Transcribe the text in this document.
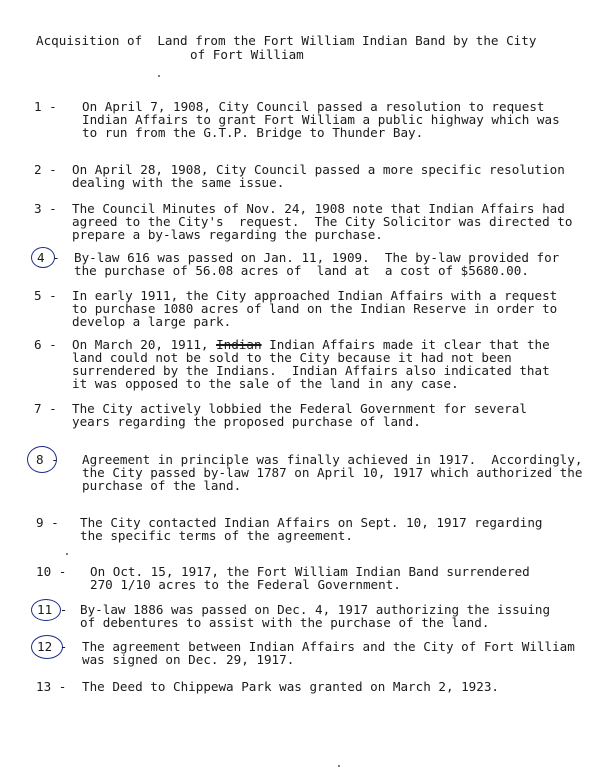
Acquisition of  Land from the Fort William Indian Band by the City
of Fort William
1 - On April 7, 1908, City Council passed a resolution to request
Indian Affairs to grant Fort William a public highway which was
to run from the G.T.P. Bridge to Thunder Bay.
2 - On April 28, 1908, City Council passed a more specific resolution
dealing with the same issue.
3 - The Council Minutes of Nov. 24, 1908 note that Indian Affairs had
agreed to the City's  request.  The City Solicitor was directed to
prepare a by-laws regarding the purchase.
4 - By-law 616 was passed on Jan. 11, 1909.  The by-law provided for
the purchase of 56.08 acres of  land at  a cost of $5680.00.
5 - In early 1911, the City approached Indian Affairs with a request
to purchase 1080 acres of land on the Indian Reserve in order to
develop a large park.
6 - On March 20, 1911, Indian Indian Affairs made it clear that the
land could not be sold to the City because it had not been
surrendered by the Indians.  Indian Affairs also indicated that
it was opposed to the sale of the land in any case.
7 - The City actively lobbied the Federal Government for several
years regarding the proposed purchase of land.
8 - Agreement in principle was finally achieved in 1917.  Accordingly,
the City passed by-law 1787 on April 10, 1917 which authorized the
purchase of the land.
9 - The City contacted Indian Affairs on Sept. 10, 1917 regarding
the specific terms of the agreement.
10 - On Oct. 15, 1917, the Fort William Indian Band surrendered
270 1/10 acres to the Federal Government.
11 - By-law 1886 was passed on Dec. 4, 1917 authorizing the issuing
of debentures to assist with the purchase of the land.
12 - The agreement between Indian Affairs and the City of Fort William
was signed on Dec. 29, 1917.
13 - The Deed to Chippewa Park was granted on March 2, 1923.
